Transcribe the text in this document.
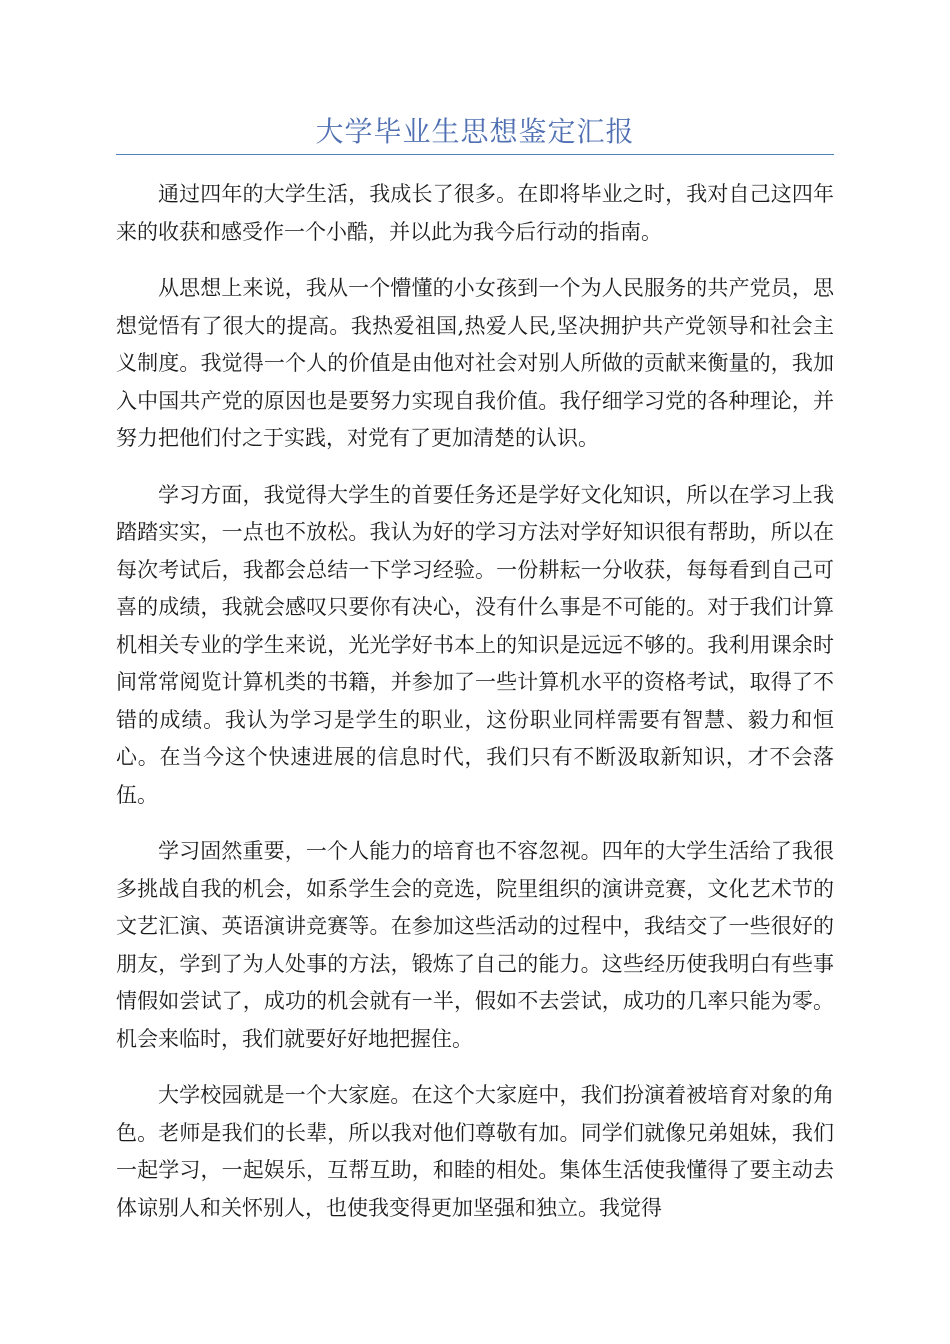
大学毕业生思想鉴定汇报

通过四年的大学生活，我成长了很多。在即将毕业之时，我对自己这四年来的收获和感受作一个小酷，并以此为我今后行动的指南。

从思想上来说，我从一个懵懂的小女孩到一个为人民服务的共产党员，思想觉悟有了很大的提高。我热爱祖国,热爱人民,坚决拥护共产党领导和社会主义制度。我觉得一个人的价值是由他对社会对别人所做的贡献来衡量的，我加入中国共产党的原因也是要努力实现自我价值。我仔细学习党的各种理论，并努力把他们付之于实践，对党有了更加清楚的认识。

学习方面，我觉得大学生的首要任务还是学好文化知识，所以在学习上我踏踏实实，一点也不放松。我认为好的学习方法对学好知识很有帮助，所以在每次考试后，我都会总结一下学习经验。一份耕耘一分收获，每每看到自己可喜的成绩，我就会感叹只要你有决心，没有什么事是不可能的。对于我们计算机相关专业的学生来说，光光学好书本上的知识是远远不够的。我利用课余时间常常阅览计算机类的书籍，并参加了一些计算机水平的资格考试，取得了不错的成绩。我认为学习是学生的职业，这份职业同样需要有智慧、毅力和恒心。在当今这个快速进展的信息时代，我们只有不断汲取新知识，才不会落伍。

学习固然重要，一个人能力的培育也不容忽视。四年的大学生活给了我很多挑战自我的机会，如系学生会的竞选，院里组织的演讲竞赛，文化艺术节的文艺汇演、英语演讲竞赛等。在参加这些活动的过程中，我结交了一些很好的朋友，学到了为人处事的方法，锻炼了自己的能力。这些经历使我明白有些事情假如尝试了，成功的机会就有一半，假如不去尝试，成功的几率只能为零。机会来临时，我们就要好好地把握住。

大学校园就是一个大家庭。在这个大家庭中，我们扮演着被培育对象的角色。老师是我们的长辈，所以我对他们尊敬有加。同学们就像兄弟姐妹，我们一起学习，一起娱乐，互帮互助，和睦的相处。集体生活使我懂得了要主动去体谅别人和关怀别人，也使我变得更加坚强和独立。我觉得
